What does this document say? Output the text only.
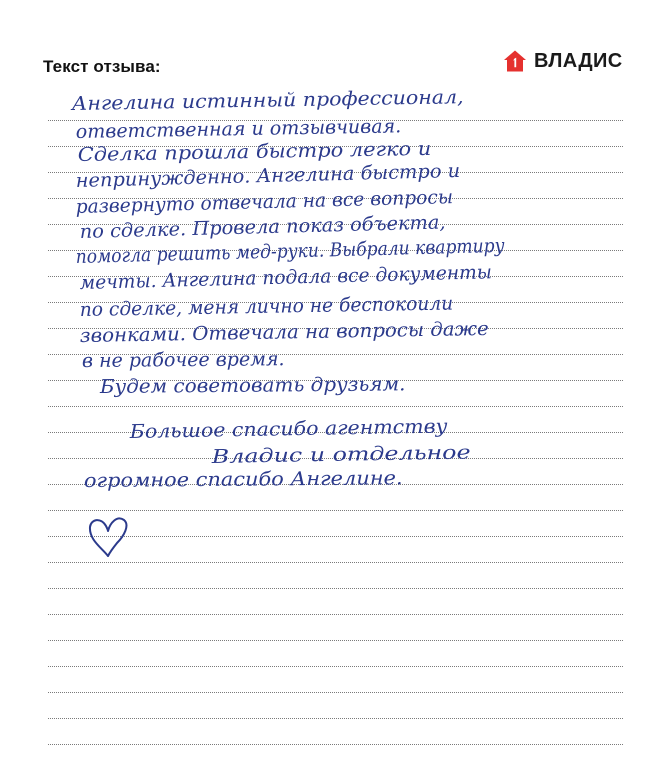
Текст отзыва:	ВЛАДИС
Ангелина истинный профессионал,
ответственная и отзывчивая.
Сделка прошла быстро легко и
непринужденно. Ангелина быстро и
развернуто отвечала на все вопросы
по сделке. Провела показ объекта,
помогла решить мед-руки. Выбрали квартиру
мечты. Ангелина подала все документы
по сделке, меня лично не беспокоили
звонками. Отвечала на вопросы даже
в не рабочее время.
Будем советовать друзьям.
Большое спасибо агентству
Владис и отдельное
огромное спасибо Ангелине.
